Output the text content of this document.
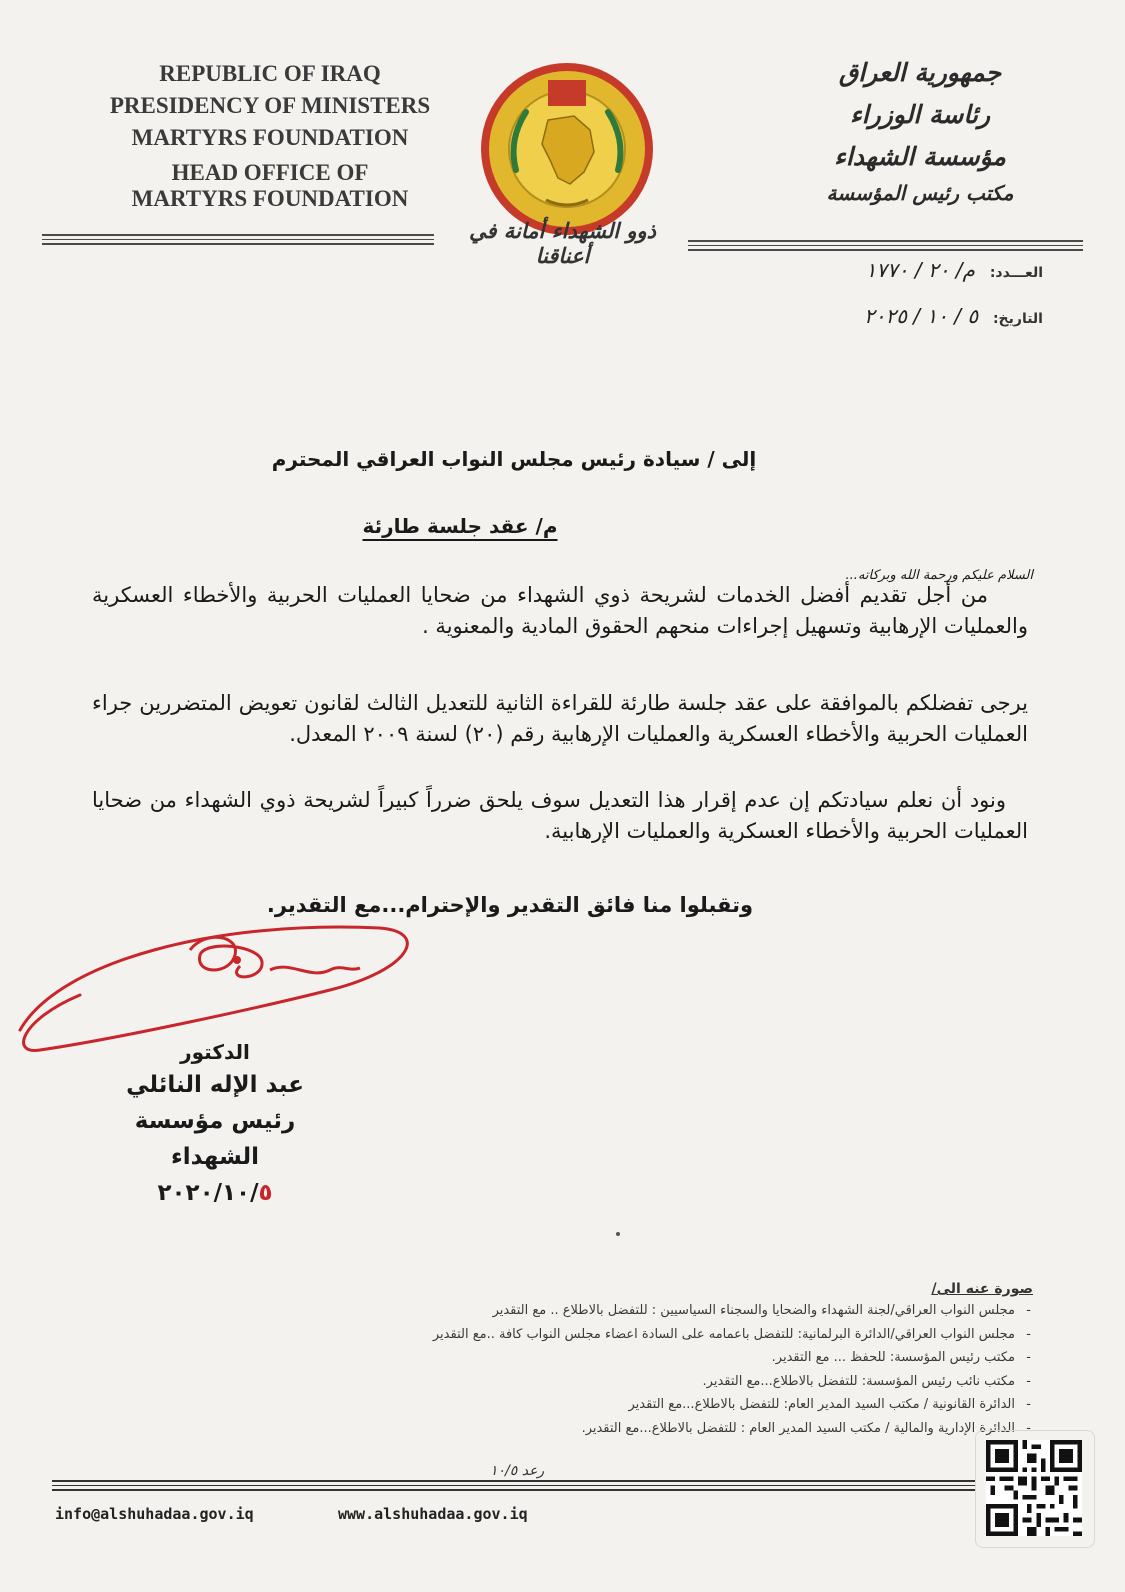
REPUBLIC OF IRAQ
PRESIDENCY OF MINISTERS
MARTYRS FOUNDATION
HEAD OFFICE OF
MARTYRS FOUNDATION
جمهورية العراق
رئاسة الوزراء
مؤسسة الشهداء
مكتب رئيس المؤسسة
ذوو الشهداء أمانة في أعناقنا
العـــدد: م/ ٢٠ / ١٧٧٠
التاريخ: ٥ / ١٠ / ٢٠٢٥
إلى / سيادة رئيس مجلس النواب العراقي المحترم
م/ عقد جلسة طارئة
السلام عليكم ورحمة الله وبركاته...
من أجل تقديم أفضل الخدمات لشريحة ذوي الشهداء من ضحايا العمليات الحربية والأخطاء العسكرية والعمليات الإرهابية وتسهيل إجراءات منحهم الحقوق المادية والمعنوية .
يرجى تفضلكم بالموافقة على عقد جلسة طارئة للقراءة الثانية للتعديل الثالث لقانون تعويض المتضررين جراء العمليات الحربية والأخطاء العسكرية والعمليات الإرهابية رقم (٢٠) لسنة ٢٠٠٩ المعدل.
ونود أن نعلم سيادتكم إن عدم إقرار هذا التعديل سوف يلحق ضرراً كبيراً لشريحة ذوي الشهداء من ضحايا العمليات الحربية والأخطاء العسكرية والعمليات الإرهابية.
وتقبلوا منا فائق التقدير والإحترام...مع التقدير.
الدكتور
عبد الإله النائلي
رئيس مؤسسة الشهداء
٢٠٢٠/١٠/٥
صورة عنه الى/
- مجلس النواب العراقي/لجنة الشهداء والضحايا والسجناء السياسيين : للتفضل بالاطلاع .. مع التقدير
- مجلس النواب العراقي/الدائرة البرلمانية: للتفضل باعمامه على السادة اعضاء مجلس النواب كافة ..مع التقدير
- مكتب رئيس المؤسسة: للحفظ ... مع التقدير.
- مكتب نائب رئيس المؤسسة: للتفضل بالاطلاع...مع التقدير.
- الدائرة القانونية / مكتب السيد المدير العام: للتفضل بالاطلاع...مع التقدير
- الدائرة الإدارية والمالية / مكتب السيد المدير العام : للتفضل بالاطلاع...مع التقدير.
رعد ١٠/٥
info@alshuhadaa.gov.iq	www.alshuhadaa.gov.iq
